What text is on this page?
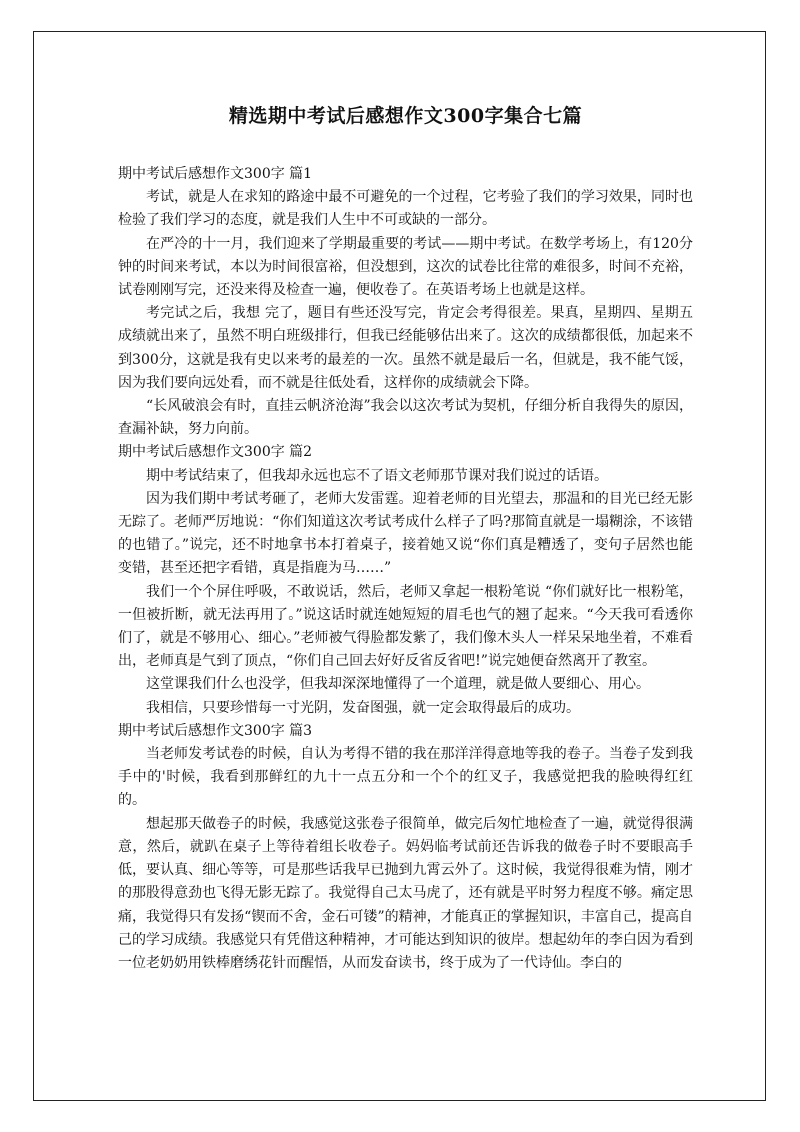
精选期中考试后感想作文300字集合七篇

期中考试后感想作文300字 篇1

考试，就是人在求知的路途中最不可避免的一个过程，它考验了我们的学习效果，同时也检验了我们学习的态度，就是我们人生中不可或缺的一部分。

在严冷的十一月，我们迎来了学期最重要的考试——期中考试。在数学考场上，有120分钟的时间来考试，本以为时间很富裕，但没想到，这次的试卷比往常的难很多，时间不充裕，试卷刚刚写完，还没来得及检查一遍，便收卷了。在英语考场上也就是这样。

考完试之后，我想 完了，题目有些还没写完，肯定会考得很差。果真，星期四、星期五成绩就出来了，虽然不明白班级排行，但我已经能够估出来了。这次的成绩都很低，加起来不到300分，这就是我有史以来考的最差的一次。虽然不就是最后一名，但就是，我不能气馁，因为我们要向远处看，而不就是往低处看，这样你的成绩就会下降。

“长风破浪会有时，直挂云帆济沧海”我会以这次考试为契机，仔细分析自我得失的原因，查漏补缺，努力向前。

期中考试后感想作文300字 篇2

期中考试结束了，但我却永远也忘不了语文老师那节课对我们说过的话语。

因为我们期中考试考砸了，老师大发雷霆。迎着老师的目光望去，那温和的目光已经无影无踪了。老师严厉地说：“你们知道这次考试考成什么样子了吗?那简直就是一塌糊涂，不该错的也错了。”说完，还不时地拿书本打着桌子，接着她又说“你们真是糟透了，变句子居然也能变错，甚至还把字看错，真是指鹿为马……”

我们一个个屏住呼吸，不敢说话，然后，老师又拿起一根粉笔说 “你们就好比一根粉笔，一但被折断，就无法再用了。”说这话时就连她短短的眉毛也气的翘了起来。“今天我可看透你们了，就是不够用心、细心。”老师被气得脸都发紫了，我们像木头人一样呆呆地坐着，不难看出，老师真是气到了顶点，“你们自己回去好好反省反省吧!”说完她便奋然离开了教室。

这堂课我们什么也没学，但我却深深地懂得了一个道理，就是做人要细心、用心。

我相信，只要珍惜每一寸光阴，发奋图强，就一定会取得最后的成功。

期中考试后感想作文300字 篇3

当老师发考试卷的时候，自认为考得不错的我在那洋洋得意地等我的卷子。当卷子发到我手中的'时候，我看到那鲜红的九十一点五分和一个个的红叉子，我感觉把我的脸映得红红的。

想起那天做卷子的时候，我感觉这张卷子很简单，做完后匆忙地检查了一遍，就觉得很满意，然后，就趴在桌子上等待着组长收卷子。妈妈临考试前还告诉我的做卷子时不要眼高手低，要认真、细心等等，可是那些话我早已抛到九霄云外了。这时候，我觉得很难为情，刚才的那股得意劲也飞得无影无踪了。我觉得自己太马虎了，还有就是平时努力程度不够。痛定思痛，我觉得只有发扬“锲而不舍，金石可镂”的精神，才能真正的掌握知识，丰富自己，提高自己的学习成绩。我感觉只有凭借这种精神，才可能达到知识的彼岸。想起幼年的李白因为看到一位老奶奶用铁棒磨绣花针而醒悟，从而发奋读书，终于成为了一代诗仙。李白的
